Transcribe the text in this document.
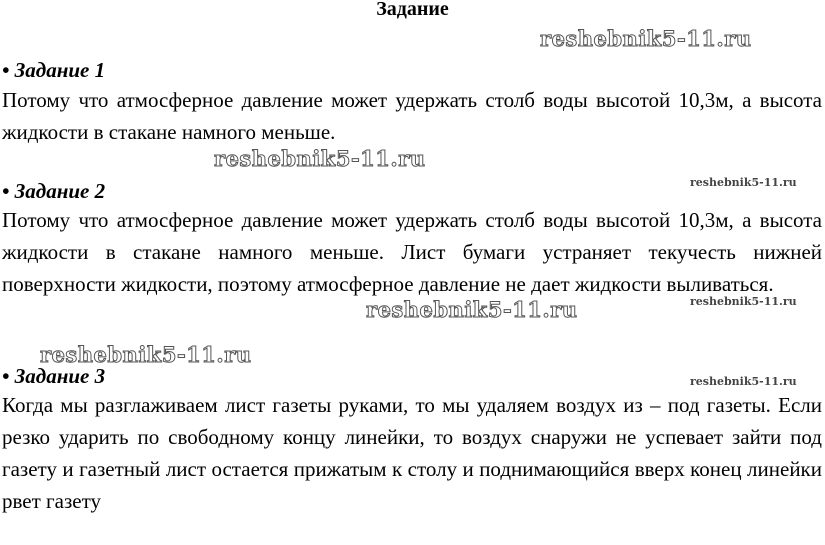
Задание
reshebnik5-11.ru
reshebnik5-11.ru
reshebnik5-11.ru
reshebnik5-11.ru
reshebnik5-11.ru
reshebnik5-11.ru
reshebnik5-11.ru
• Задание 1
Потому что атмосферное давление может удержать столб воды высотой 10,3м, а высота жидкости в стакане намного меньше.
• Задание 2
Потому что атмосферное давление может удержать столб воды высотой 10,3м, а высота жидкости в стакане намного меньше. Лист бумаги устраняет текучесть нижней поверхности жидкости, поэтому атмосферное давление не дает жидкости выливаться.
• Задание 3
Когда мы разглаживаем лист газеты руками, то мы удаляем воздух из – под газеты. Если резко ударить по свободному концу линейки, то воздух снаружи не успевает зайти под газету и газетный лист остается прижатым к столу и поднимающийся вверх конец линейки рвет газету
